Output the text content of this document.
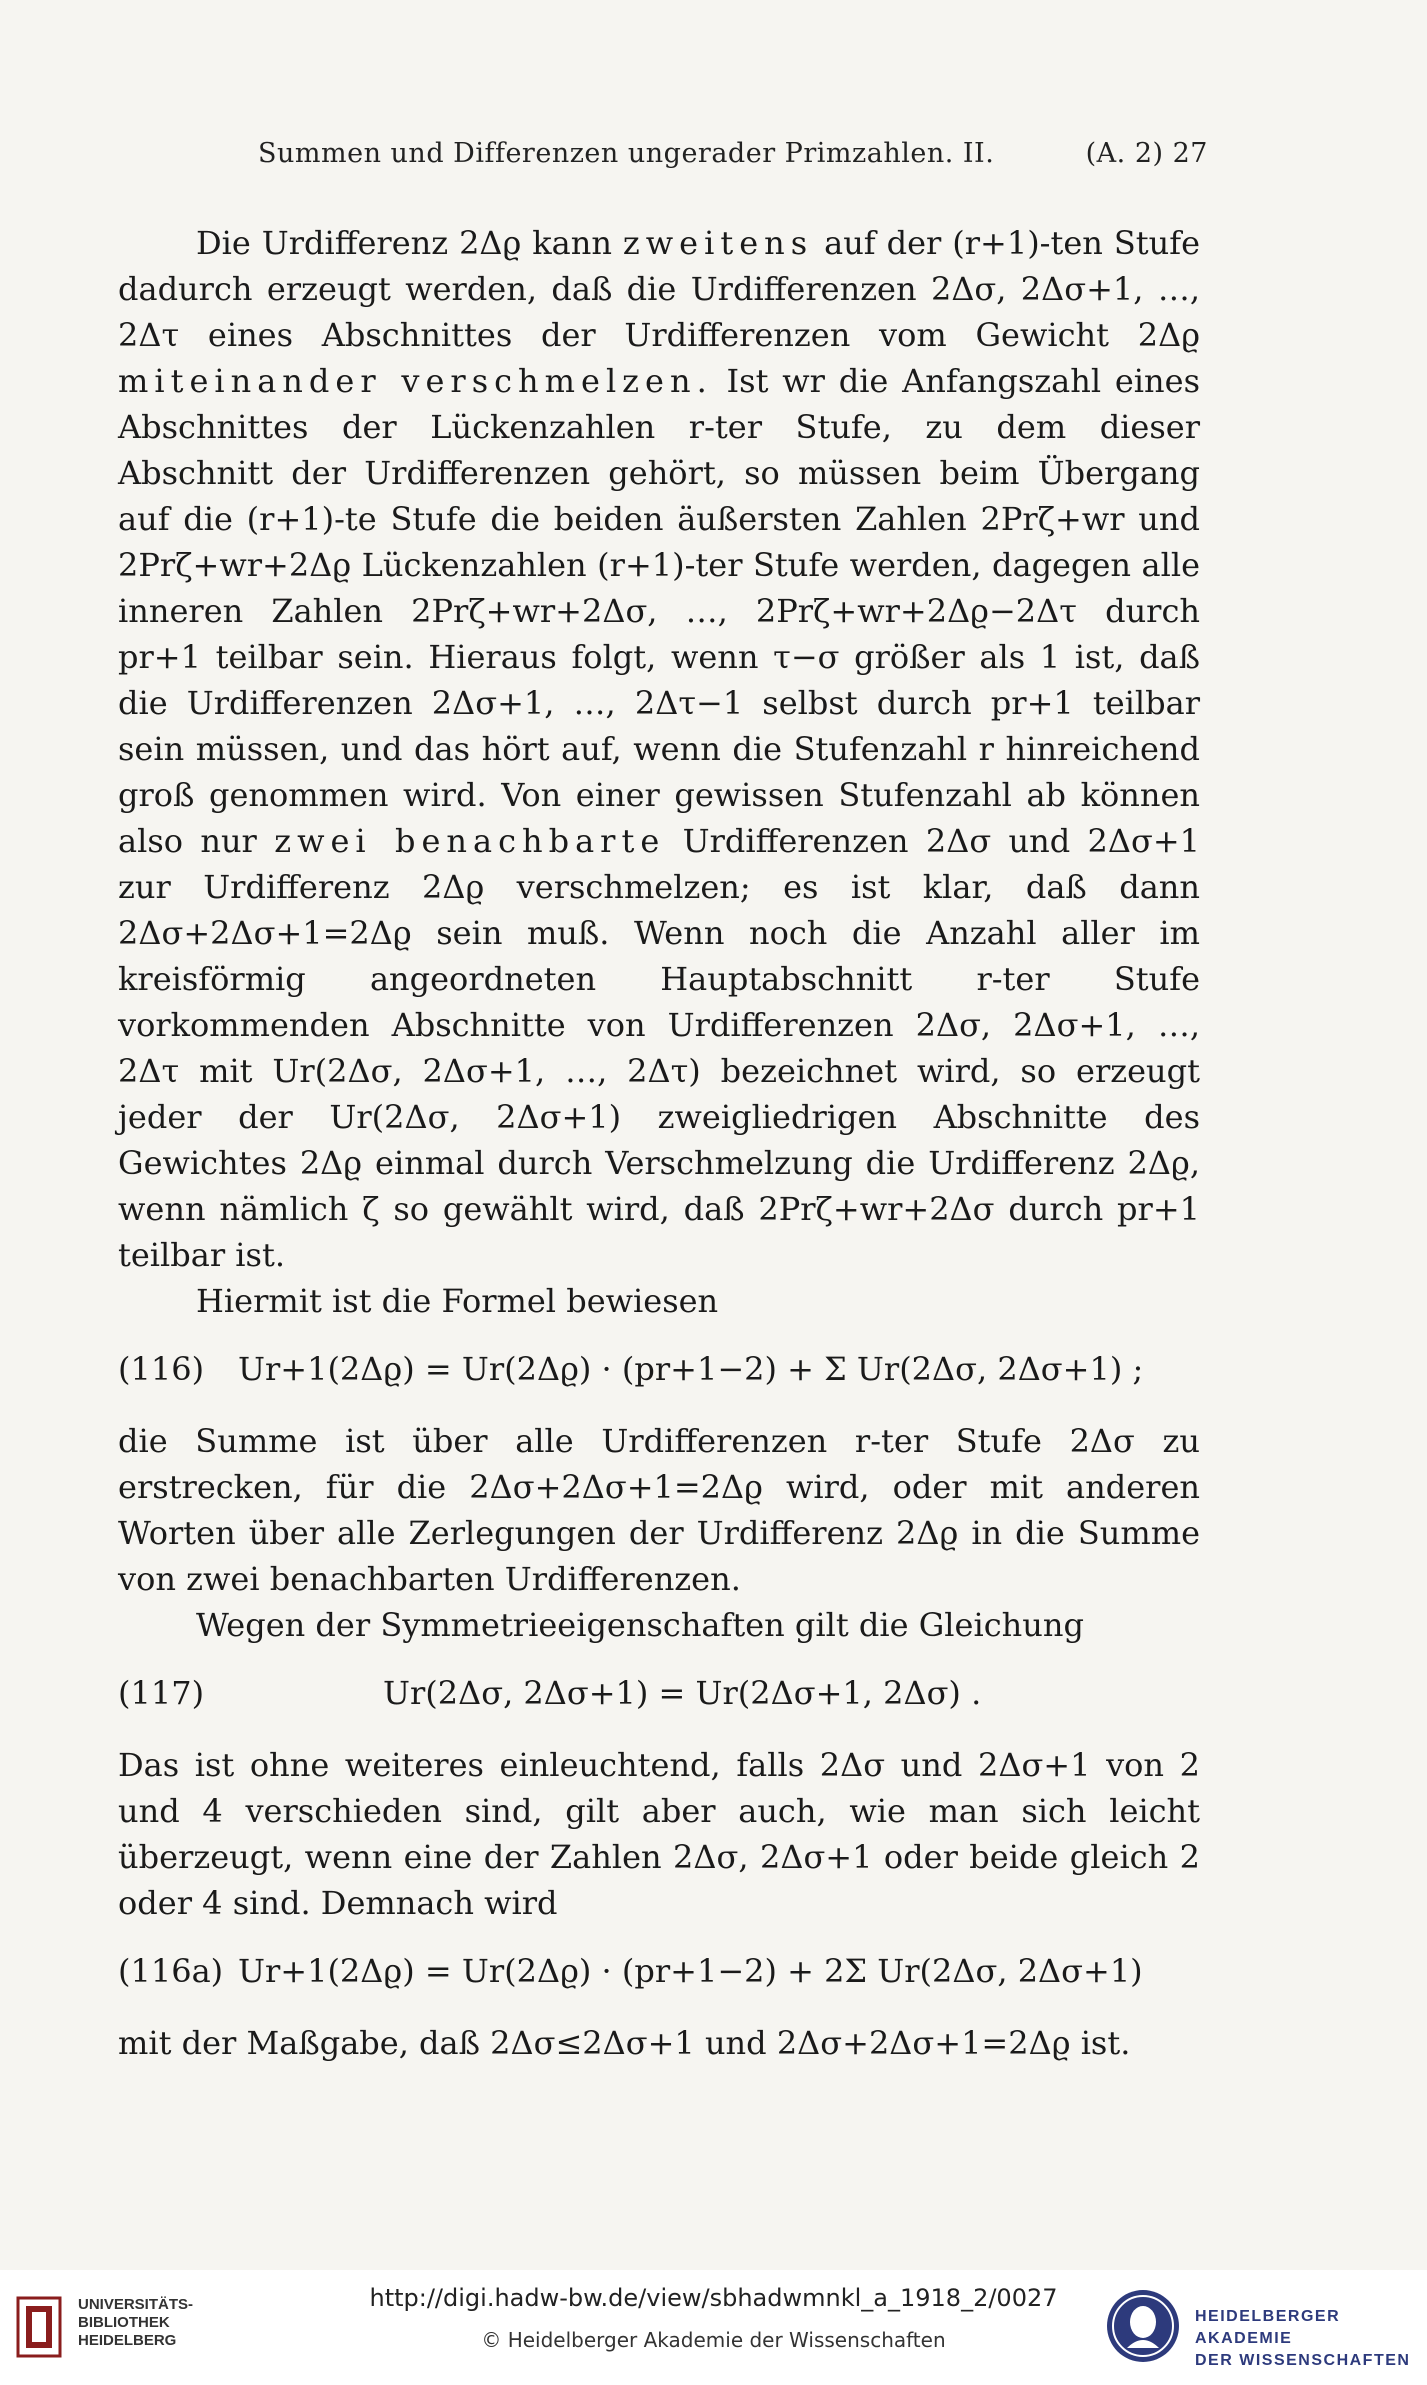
Summen und Differenzen ungerader Primzahlen. II.	(A. 2) 27

Die Urdifferenz 2Δϱ kann zweitens auf der (r+1)-ten Stufe dadurch erzeugt werden, daß die Urdifferenzen 2Δσ, 2Δσ+1, …, 2Δτ eines Abschnittes der Urdifferenzen vom Gewicht 2Δϱ miteinander verschmelzen. Ist wr die Anfangszahl eines Abschnittes der Lückenzahlen r-ter Stufe, zu dem dieser Abschnitt der Urdifferenzen gehört, so müssen beim Übergang auf die (r+1)-te Stufe die beiden äußersten Zahlen 2Prζ+wr und 2Prζ+wr+2Δϱ Lückenzahlen (r+1)-ter Stufe werden, dagegen alle inneren Zahlen 2Prζ+wr+2Δσ, …, 2Prζ+wr+2Δϱ−2Δτ durch pr+1 teilbar sein. Hieraus folgt, wenn τ−σ größer als 1 ist, daß die Urdifferenzen 2Δσ+1, …, 2Δτ−1 selbst durch pr+1 teilbar sein müssen, und das hört auf, wenn die Stufenzahl r hinreichend groß genommen wird. Von einer gewissen Stufenzahl ab können also nur zwei benachbarte Urdifferenzen 2Δσ und 2Δσ+1 zur Urdifferenz 2Δϱ verschmelzen; es ist klar, daß dann 2Δσ+2Δσ+1=2Δϱ sein muß. Wenn noch die Anzahl aller im kreisförmig angeordneten Hauptabschnitt r-ter Stufe vorkommenden Abschnitte von Urdifferenzen 2Δσ, 2Δσ+1, …, 2Δτ mit Ur(2Δσ, 2Δσ+1, …, 2Δτ) bezeichnet wird, so erzeugt jeder der Ur(2Δσ, 2Δσ+1) zweigliedrigen Abschnitte des Gewichtes 2Δϱ einmal durch Verschmelzung die Urdifferenz 2Δϱ, wenn nämlich ζ so gewählt wird, daß 2Prζ+wr+2Δσ durch pr+1 teilbar ist.

Hiermit ist die Formel bewiesen

(116) Ur+1(2Δϱ) = Ur(2Δϱ) · (pr+1−2) + Σ Ur(2Δσ, 2Δσ+1) ;

die Summe ist über alle Urdifferenzen r-ter Stufe 2Δσ zu erstrecken, für die 2Δσ+2Δσ+1=2Δϱ wird, oder mit anderen Worten über alle Zerlegungen der Urdifferenz 2Δϱ in die Summe von zwei benachbarten Urdifferenzen.

Wegen der Symmetrieeigenschaften gilt die Gleichung

(117)	Ur(2Δσ, 2Δσ+1) = Ur(2Δσ+1, 2Δσ) .

Das ist ohne weiteres einleuchtend, falls 2Δσ und 2Δσ+1 von 2 und 4 verschieden sind, gilt aber auch, wie man sich leicht überzeugt, wenn eine der Zahlen 2Δσ, 2Δσ+1 oder beide gleich 2 oder 4 sind. Demnach wird

(116a) Ur+1(2Δϱ) = Ur(2Δϱ) · (pr+1−2) + 2Σ Ur(2Δσ, 2Δσ+1)

mit der Maßgabe, daß 2Δσ≤2Δσ+1 und 2Δσ+2Δσ+1=2Δϱ ist.

UNIVERSITÄTS-
BIBLIOTHEK
HEIDELBERG
http://digi.hadw-bw.de/view/sbhadwmnkl_a_1918_2/0027
© Heidelberger Akademie der Wissenschaften
HEIDELBERGER AKADEMIE
DER WISSENSCHAFTEN
